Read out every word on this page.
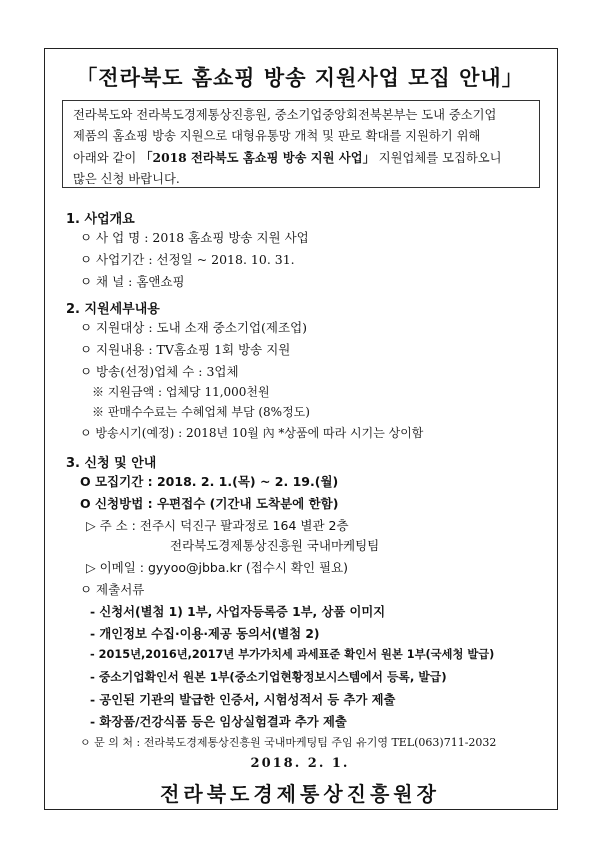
「전라북도 홈쇼핑 방송 지원사업 모집 안내」
전라북도와 전라북도경제통상진흥원, 중소기업중앙회전북본부는 도내 중소기업
제품의 홈쇼핑 방송 지원으로 대형유통망 개척 및 판로 확대를 지원하기 위해
아래와 같이 「2018 전라북도 홈쇼핑 방송 지원 사업」 지원업체를 모집하오니
많은 신청 바랍니다.
1. 사업개요
ㅇ 사 업 명 : 2018 홈쇼핑 방송 지원 사업
ㅇ 사업기간 : 선정일 ~ 2018. 10. 31.
ㅇ 채 널 : 홈앤쇼핑
2. 지원세부내용
ㅇ 지원대상 : 도내 소재 중소기업(제조업)
ㅇ 지원내용 : TV홈쇼핑 1회 방송 지원
ㅇ 방송(선정)업체 수 : 3업체
※ 지원금액 : 업체당 11,000천원
※ 판매수수료는 수혜업체 부담 (8%정도)
ㅇ 방송시기(예정) : 2018년 10월 內 *상품에 따라 시기는 상이함
3. 신청 및 안내
O 모집기간 : 2018. 2. 1.(목) ~ 2. 19.(월)
O 신청방법 : 우편접수 (기간내 도착분에 한함)
▷ 주 소 : 전주시 덕진구 팔과정로 164 별관 2층
전라북도경제통상진흥원 국내마케팅팀
▷ 이메일 : gyyoo@jbba.kr (접수시 확인 필요)
ㅇ 제출서류
- 신청서(별첨 1) 1부, 사업자등록증 1부, 상품 이미지
- 개인정보 수집·이용·제공 동의서(별첨 2)
- 2015년,2016년,2017년 부가가치세 과세표준 확인서 원본 1부(국세청 발급)
- 중소기업확인서 원본 1부(중소기업현황정보시스템에서 등록, 발급)
- 공인된 기관의 발급한 인증서, 시험성적서 등 추가 제출
- 화장품/건강식품 등은 임상실험결과 추가 제출
2018. 2. 1.
전라북도경제통상진흥원장
ㅇ 문 의 처 : 전라북도경제통상진흥원 국내마케팅팀 주임 유기영 TEL(063)711-2032
